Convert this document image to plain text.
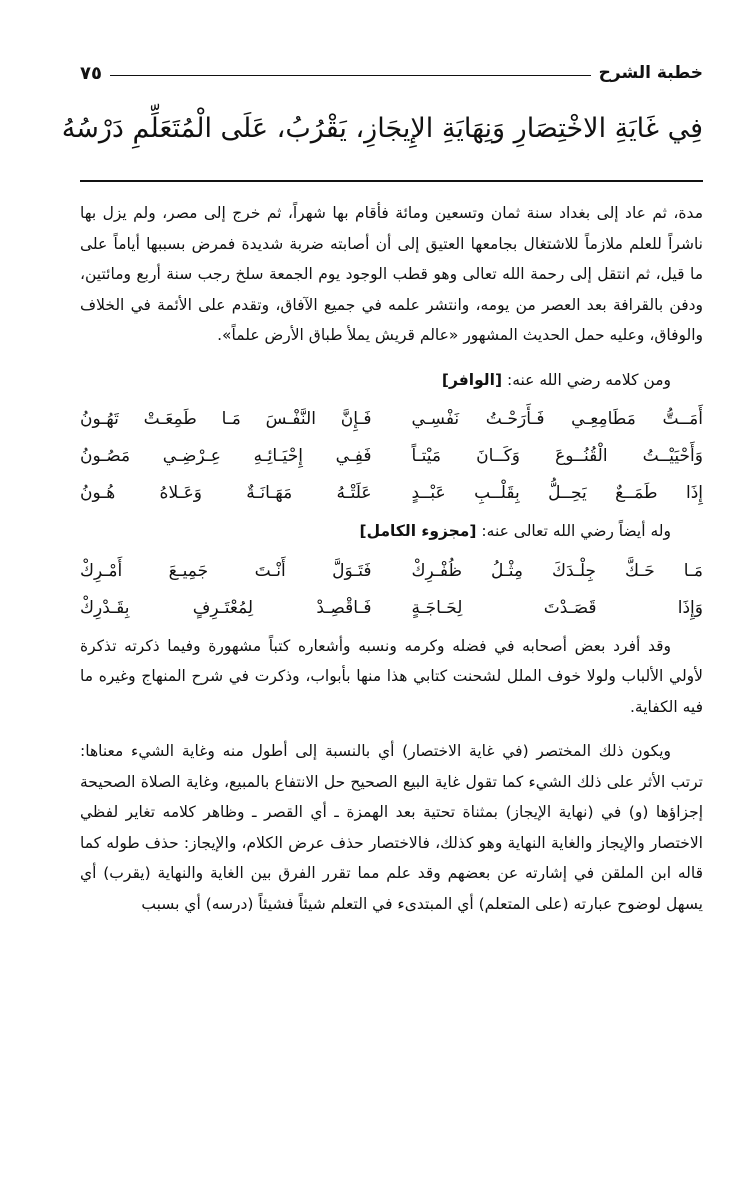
خطبة الشرح
٧٥
فِي غَايَةِ الاخْتِصَارِ وَنِهَايَةِ الإِيجَازِ، يَقْرُبُ، عَلَى الْمُتَعَلِّمِ دَرْسُهُ

مدة، ثم عاد إلى بغداد سنة ثمان وتسعين ومائة فأقام بها شهراً، ثم خرج إلى مصر، ولم يزل بها ناشراً للعلم ملازماً للاشتغال بجامعها العتيق إلى أن أصابته ضربة شديدة فمرض بسببها أياماً على ما قيل، ثم انتقل إلى رحمة الله تعالى وهو قطب الوجود يوم الجمعة سلخ رجب سنة أربع ومائتين، ودفن بالقرافة بعد العصر من يومه، وانتشر علمه في جميع الآفاق، وتقدم على الأئمة في الخلاف والوفاق، وعليه حمل الحديث المشهور «عالم قريش يملأ طباق الأرض علماً».

ومن كلامه رضي الله عنه: [الوافر]

أَمَــتُّ مَطَامِعِـي فَـأَرَحْـتُ نَفْسِـي
فَـإِنَّ النَّفْـسَ مَـا طَمِعَـتْ تَهُـونُ
وَأَحْيَيْــتُ الْقُنُــوعَ وَكَــانَ مَيْتـاً
فَفِـي إِحْيَـائِـهِ عِـرْضِـي مَصُـونُ
إِذَا طَمَــعٌ يَحِــلُّ بِقَلْــبِ عَبْــدٍ
عَلَتْـهُ مَهَـانَـةٌ وَعَـلاهُ هُـونُ

وله أيضاً رضي الله تعالى عنه: [مجزوء الكامل]

مَـا حَـكَّ جِلْـدَكَ مِثْـلُ ظُفْـرِكْ
فَتَـوَلَّ أَنْـتَ جَمِيـعَ أَمْـرِكْ
وَإِذَا قَصَـدْتَ لِحَـاجَـةٍ
فَـاقْصِـدْ لِمُعْتَـرِفٍ بِقَـدْرِكْ

وقد أفرد بعض أصحابه في فضله وكرمه ونسبه وأشعاره كتباً مشهورة وفيما ذكرته تذكرة لأولي الألباب ولولا خوف الملل لشحنت كتابي هذا منها بأبواب، وذكرت في شرح المنهاج وغيره ما فيه الكفاية.

ويكون ذلك المختصر (في غاية الاختصار) أي بالنسبة إلى أطول منه وغاية الشيء معناها: ترتب الأثر على ذلك الشيء كما تقول غاية البيع الصحيح حل الانتفاع بالمبيع، وغاية الصلاة الصحيحة إجزاؤها (و) في (نهاية الإيجاز) بمثناة تحتية بعد الهمزة ـ أي القصر ـ وظاهر كلامه تغاير لفظي الاختصار والإيجاز والغاية النهاية وهو كذلك، فالاختصار حذف عرض الكلام، والإيجاز: حذف طوله كما قاله ابن الملقن في إشارته عن بعضهم وقد علم مما تقرر الفرق بين الغاية والنهاية (يقرب) أي يسهل لوضوح عبارته (على المتعلم) أي المبتدىء في التعلم شيئاً فشيئاً (درسه) أي بسبب
